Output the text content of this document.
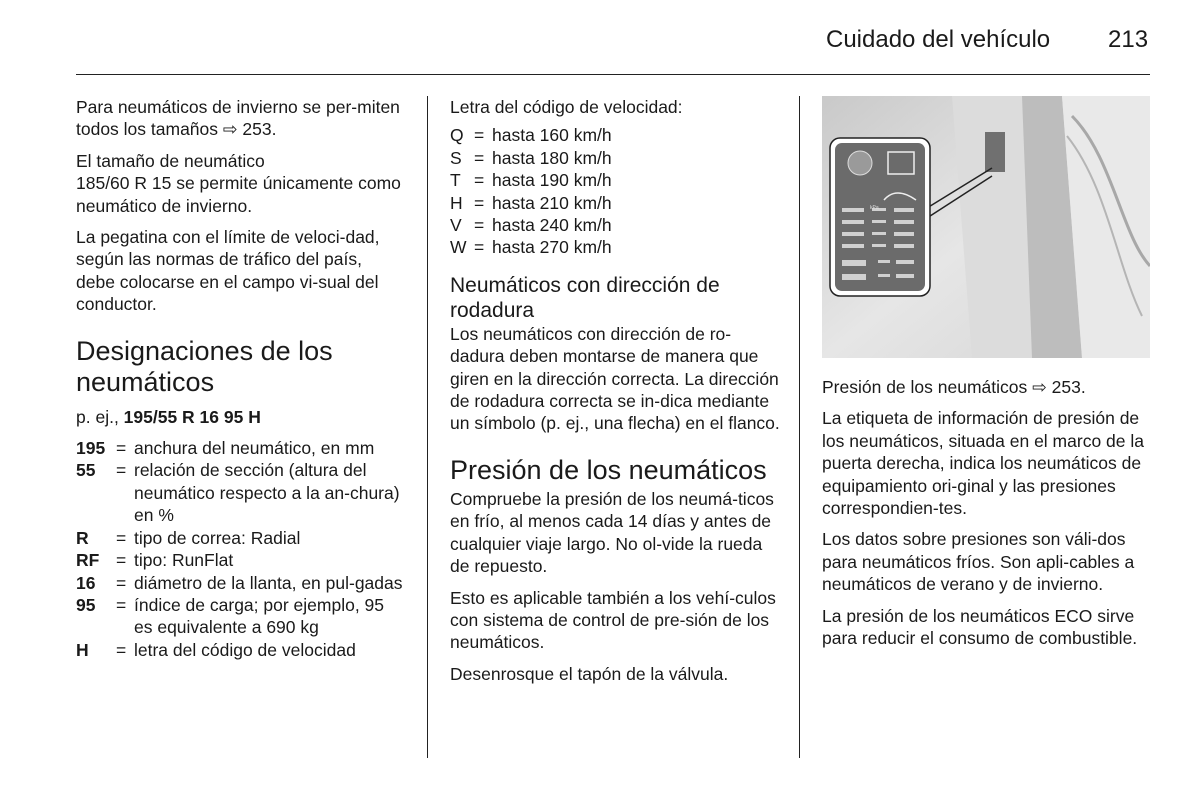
Cuidado del vehículo 213

Para neumáticos de invierno se per-miten todos los tamaños ⇨ 253.

El tamaño de neumático
185/60 R 15 se permite únicamente como neumático de invierno.

La pegatina con el límite de veloci-dad, según las normas de tráfico del país, debe colocarse en el campo vi-sual del conductor.

Designaciones de los neumáticos

p. ej., 195/55 R 16 95 H

195 = anchura del neumático, en mm
55	= relación de sección (altura del neumático respecto a la an-chura) en %
R	= tipo de correa: Radial
RF = tipo: RunFlat
16	= diámetro de la llanta, en pul-gadas
95	= índice de carga; por ejemplo, 95 es equivalente a 690 kg
H	= letra del código de velocidad

Letra del código de velocidad:

Q = hasta 160 km/h
S = hasta 180 km/h
T = hasta 190 km/h
H = hasta 210 km/h
V = hasta 240 km/h
W = hasta 270 km/h
Neumáticos con dirección de rodadura

Los neumáticos con dirección de ro-dadura deben montarse de manera que giren en la dirección correcta. La dirección de rodadura correcta se in-dica mediante un símbolo (p. ej., una flecha) en el flanco.

Presión de los neumáticos

Compruebe la presión de los neumá-ticos en frío, al menos cada 14 días y antes de cualquier viaje largo. No ol-vide la rueda de repuesto.

Esto es aplicable también a los vehí-culos con sistema de control de pre-sión de los neumáticos.

Desenrosque el tapón de la válvula.

kPa

Presión de los neumáticos ⇨ 253.

La etiqueta de información de presión de los neumáticos, situada en el marco de la puerta derecha, indica los neumáticos de equipamiento ori-ginal y las presiones correspondien-tes.

Los datos sobre presiones son váli-dos para neumáticos fríos. Son apli-cables a neumáticos de verano y de invierno.

La presión de los neumáticos ECO sirve para reducir el consumo de combustible.
